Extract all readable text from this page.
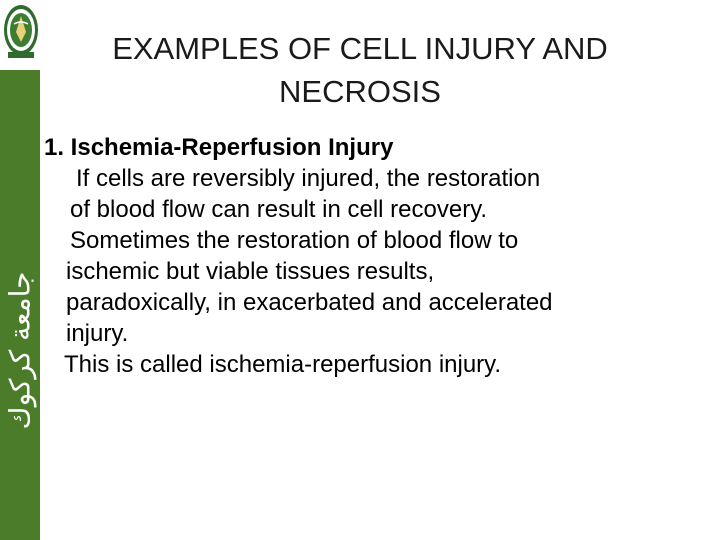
جامعة كركوك
EXAMPLES OF CELL INJURY AND
NECROSIS
1. Ischemia-Reperfusion Injury
If cells are reversibly injured, the restoration
of blood flow can result in cell recovery.
Sometimes the restoration of blood flow to
ischemic but viable tissues results,
paradoxically, in exacerbated and accelerated
injury.
This is called ischemia-reperfusion injury.
